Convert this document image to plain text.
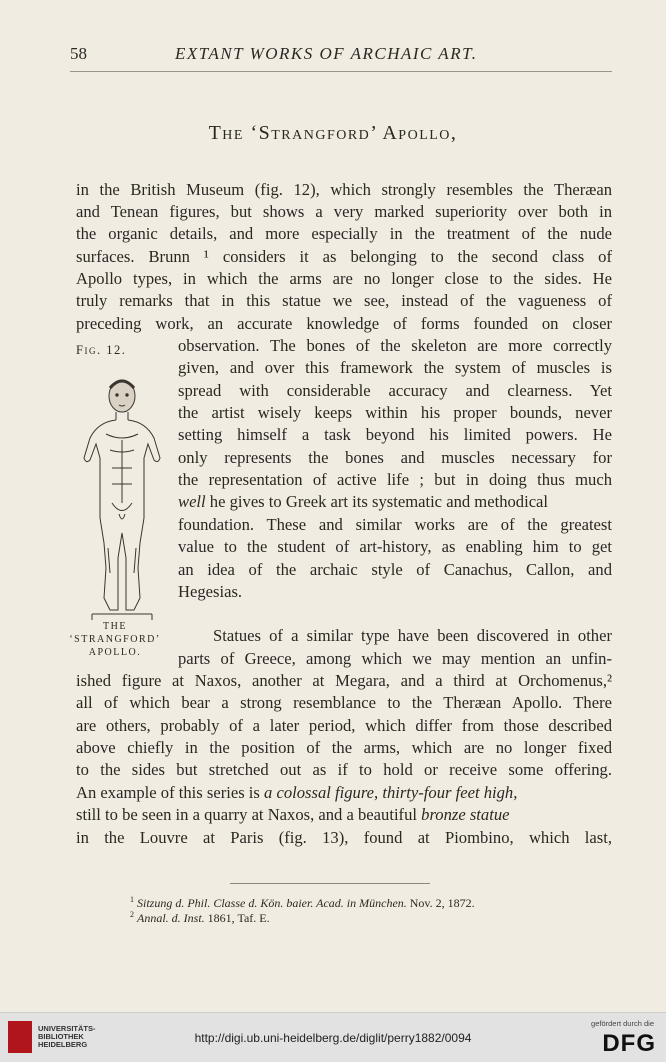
58	EXTANT WORKS OF ARCHAIC ART.
The ‘Strangford’ Apollo,
in the British Museum (fig. 12), which strongly resembles the Theræan
and Tenean figures, but shows a very marked superiority over both in
the organic details, and more especially in the treatment of the nude
surfaces. Brunn ¹ considers it as belonging to the second class of
Apollo types, in which the arms are no longer close to the sides. He
truly remarks that in this statue we see, instead of the vagueness of
preceding work, an accurate knowledge of forms founded on closer
Fig. 12.
THE
‘STRANGFORD’
APOLLO.
observation. The bones of the skeleton are more correctly
given, and over this framework the system of muscles is
spread with considerable accuracy and clearness. Yet
the artist wisely keeps within his proper bounds, never
setting himself a task beyond his limited powers. He
only represents the bones and muscles necessary for
the representation of active life ; but in doing thus much
well he gives to Greek art its systematic and methodical
foundation. These and similar works are of the greatest
value to the student of art-history, as enabling him to get
an idea of the archaic style of Canachus, Callon, and
Hegesias.
Statues of a similar type have been discovered in other
parts of Greece, among which we may mention an unfin-
ished figure at Naxos, another at Megara, and a third at Orchomenus,²
all of which bear a strong resemblance to the Theræan Apollo. There
are others, probably of a later period, which differ from those described
above chiefly in the position of the arms, which are no longer fixed
to the sides but stretched out as if to hold or receive some offering.
An example of this series is a colossal figure, thirty-four feet high,
still to be seen in a quarry at Naxos, and a beautiful bronze statue
in the Louvre at Paris (fig. 13), found at Piombino, which last,
$^1$ Sitzung d. Phil. Classe d. Kön. baier. Acad. in München. Nov. 2, 1872.
$^2$ Annal. d. Inst. 1861, Taf. E.
UNIVERSITÄTS-
BIBLIOTHEK
HEIDELBERG	http://digi.ub.uni-heidelberg.de/diglit/perry1882/0094
gefördert durch die
DFG
